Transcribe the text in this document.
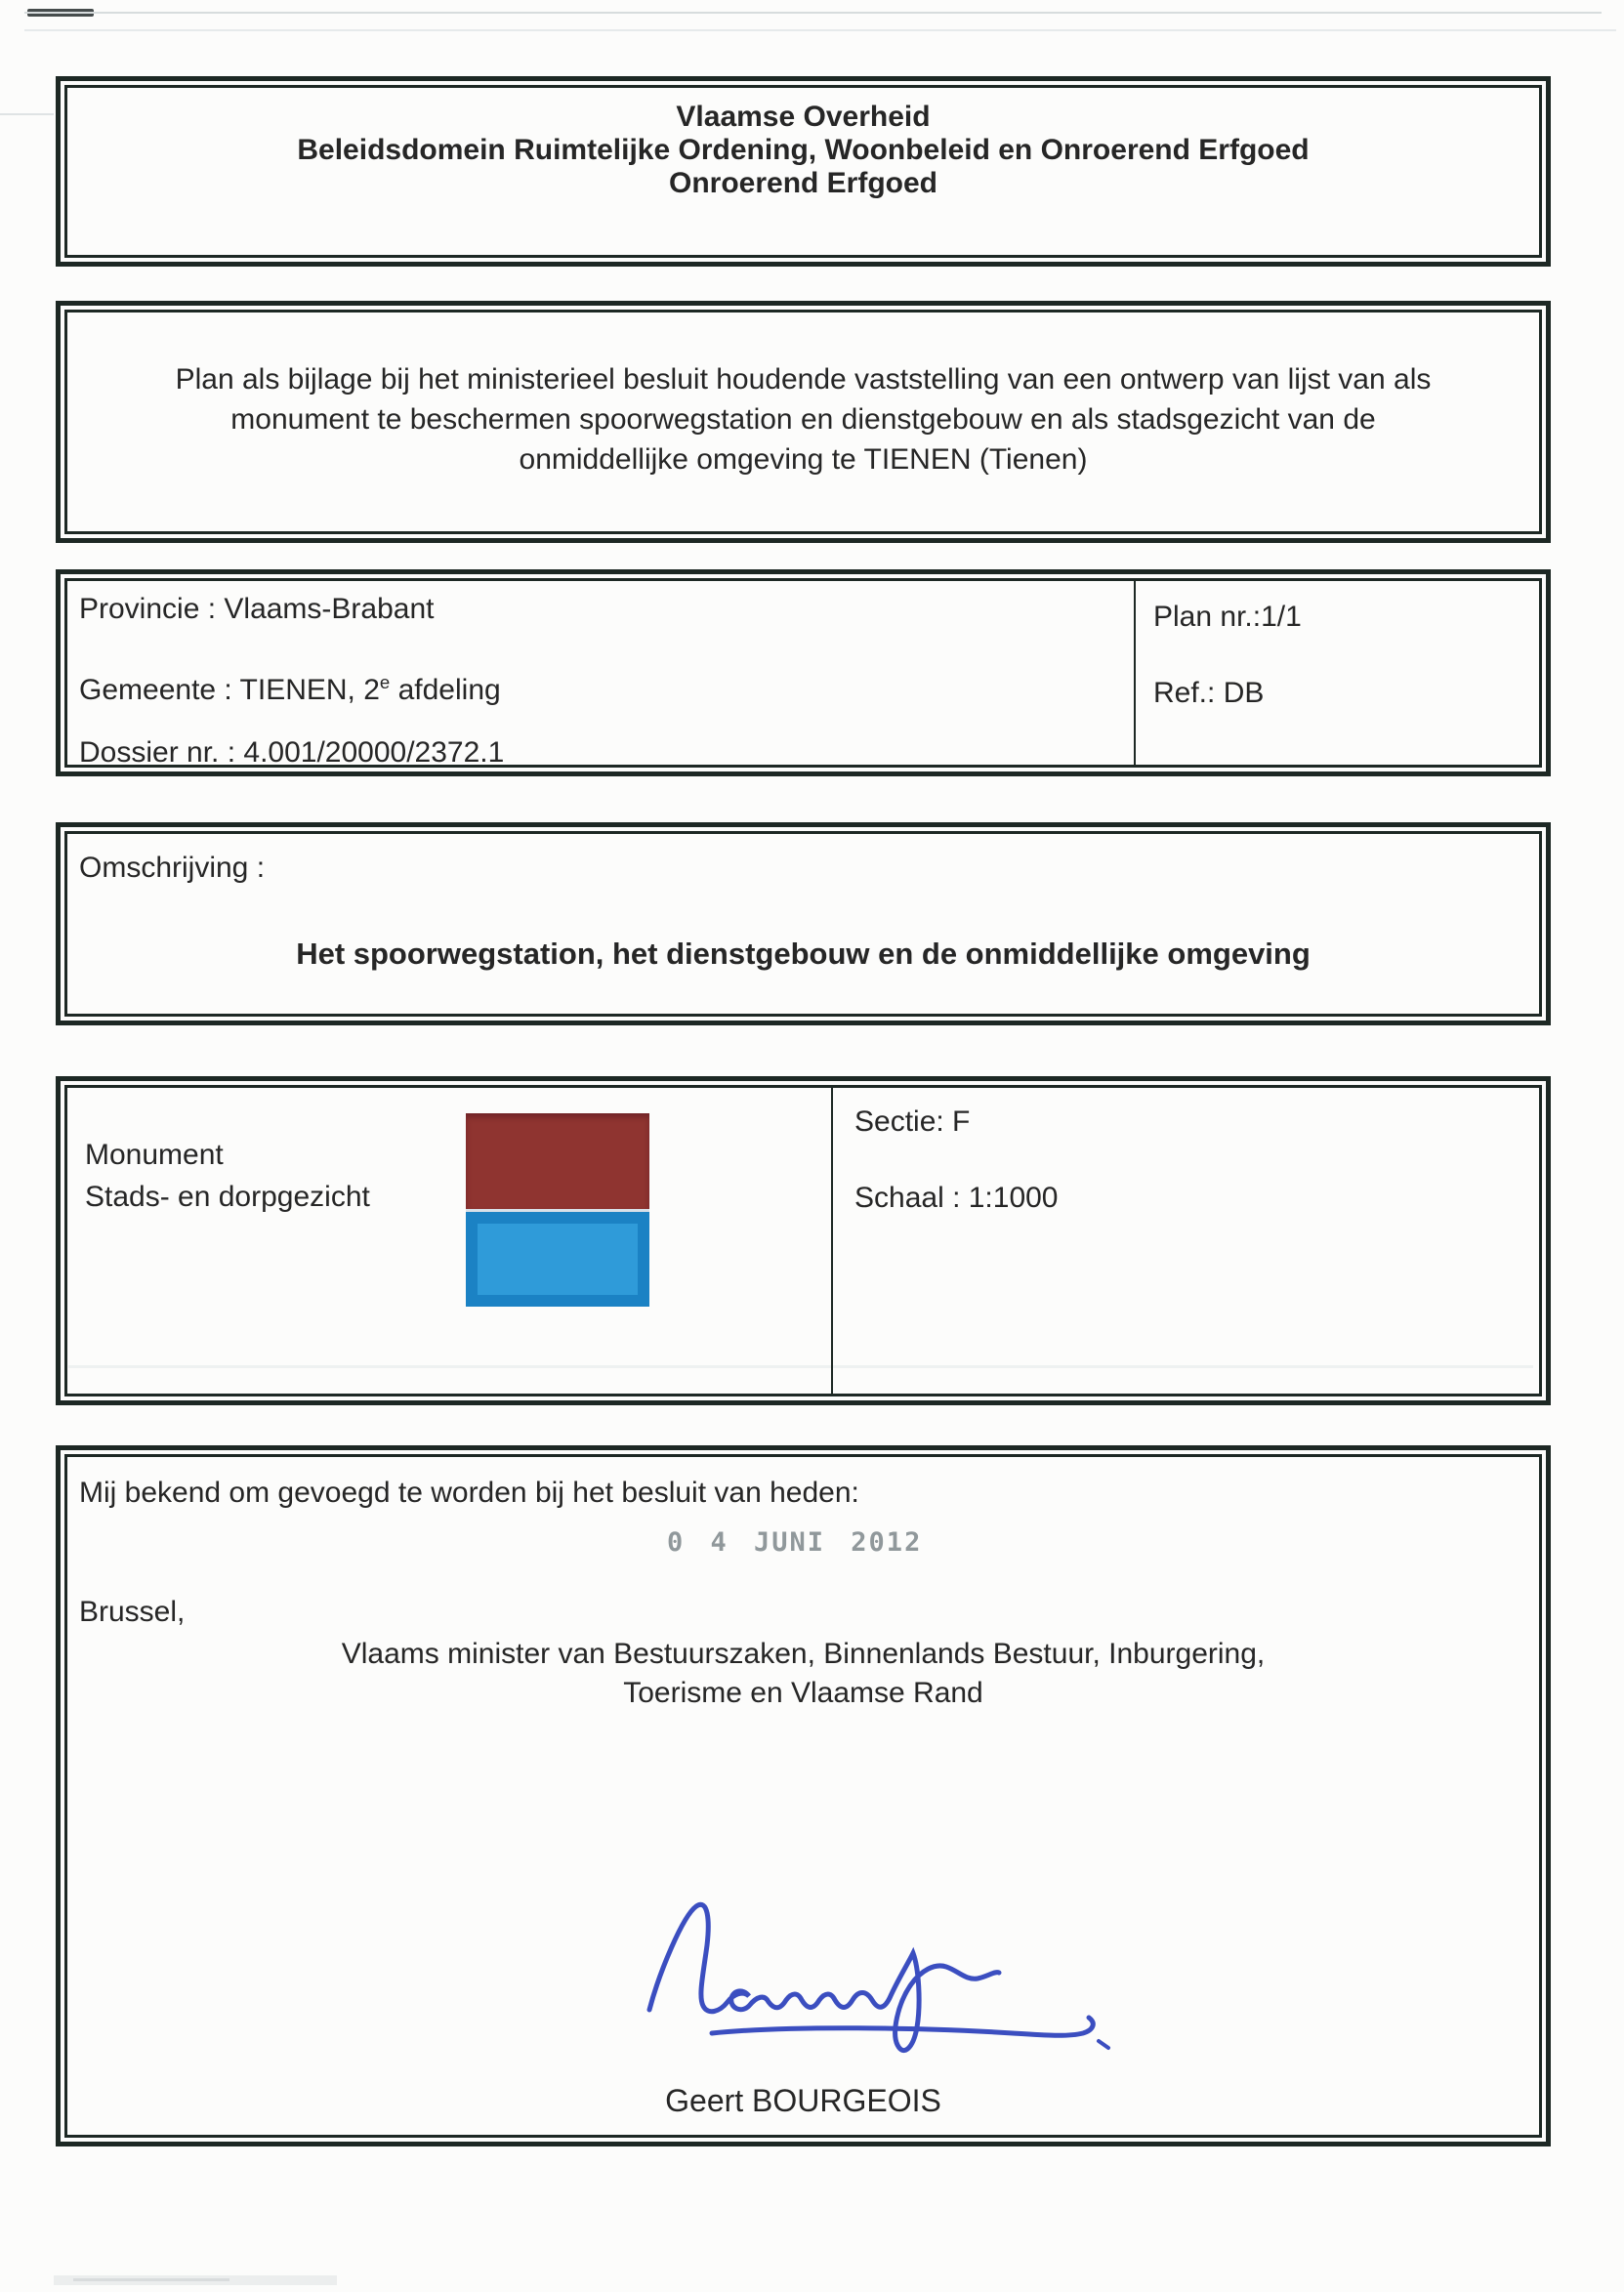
Vlaamse Overheid
Beleidsdomein Ruimtelijke Ordening, Woonbeleid en Onroerend Erfgoed
Onroerend Erfgoed
Plan als bijlage bij het ministerieel besluit houdende vaststelling van een ontwerp van lijst van als monument te beschermen spoorwegstation en dienstgebouw en als stadsgezicht van de onmiddellijke omgeving te TIENEN (Tienen)
Provincie : Vlaams-Brabant
Gemeente : TIENEN, 2e afdeling
Dossier nr. : 4.001/20000/2372.1
Plan nr.:1/1
Ref.: DB
Omschrijving :
Het spoorwegstation, het dienstgebouw en de onmiddellijke omgeving
Monument
Stads- en dorpgezicht
Sectie: F
Schaal : 1:1000
Mij bekend om gevoegd te worden bij het besluit van heden:
0 4 JUNI 2012
Brussel,
Vlaams minister van Bestuurszaken, Binnenlands Bestuur, Inburgering,
Toerisme en Vlaamse Rand
Geert BOURGEOIS
